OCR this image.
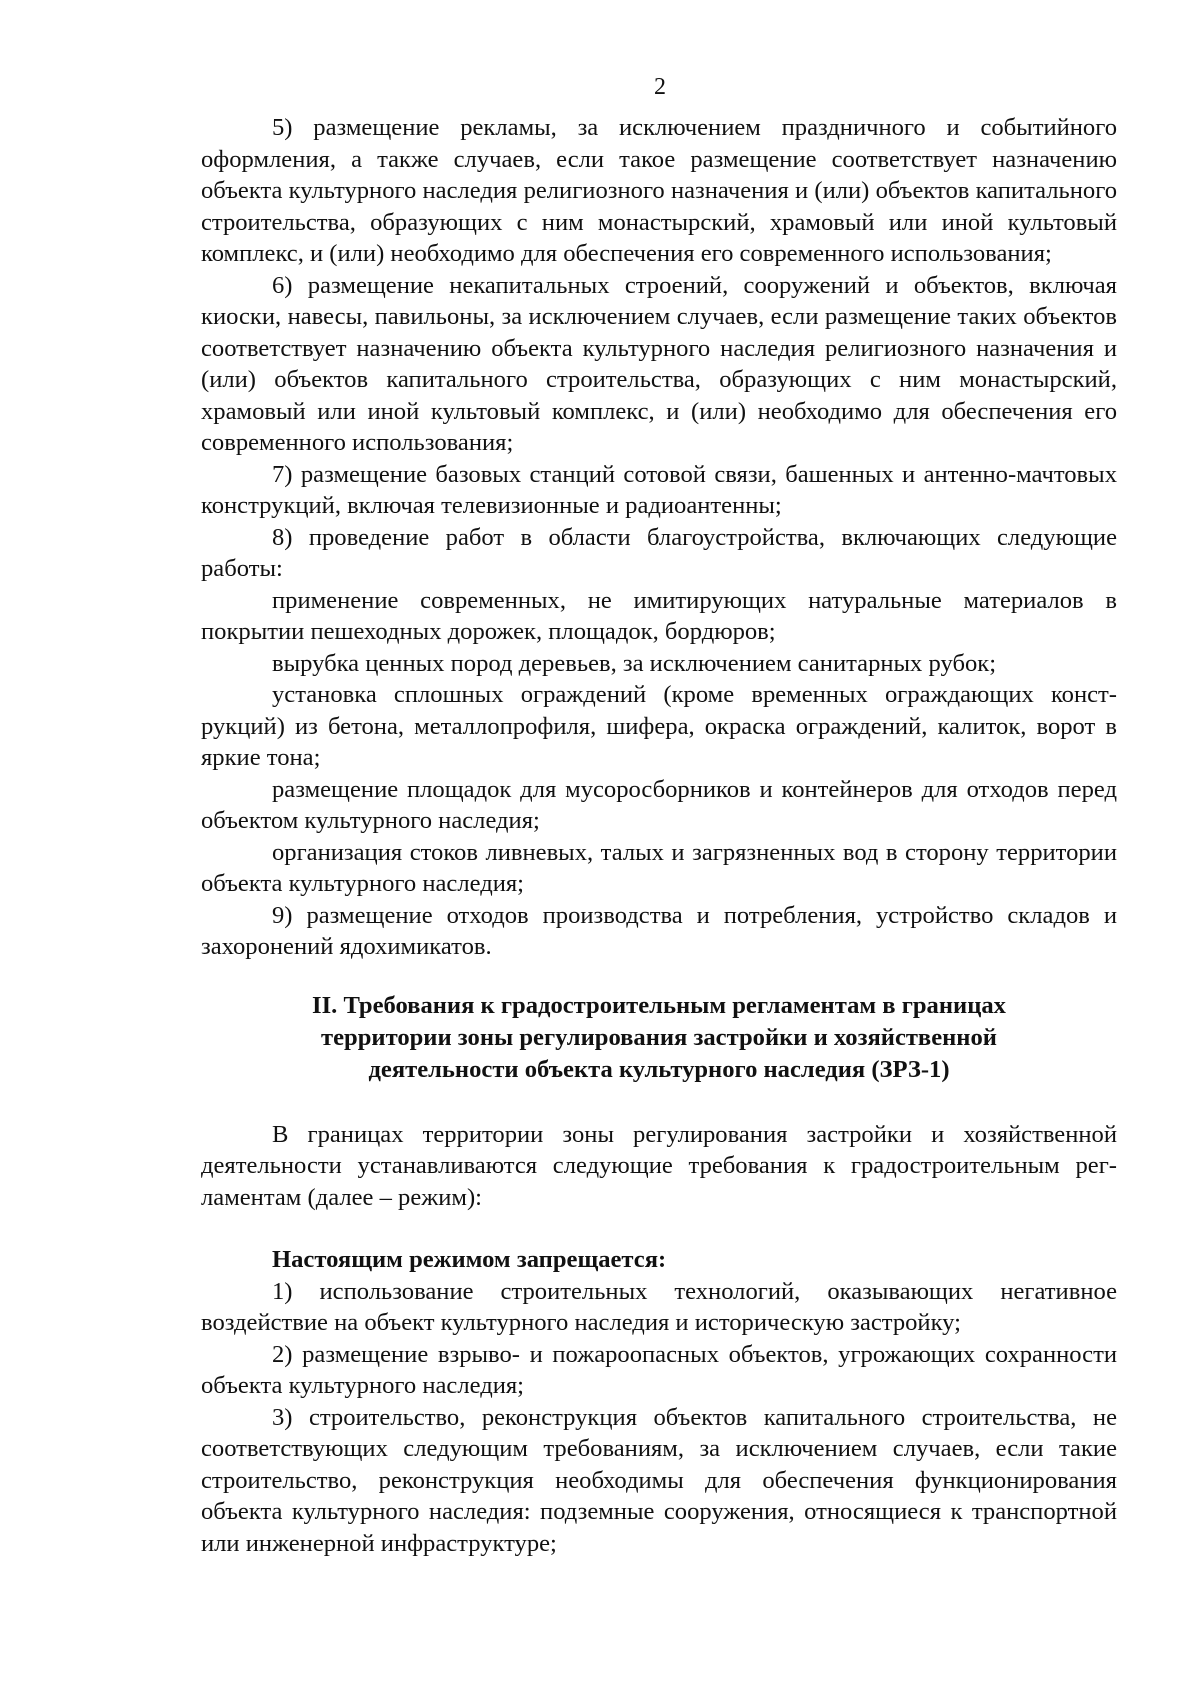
2

5) размещение рекламы, за исключением праздничного и событийного оформления, а также случаев, если такое размещение соответствует назначению объекта культурного наследия религиозного назначения и (или) объектов капитального строительства, образующих с ним монастырский, храмовый или иной культовый комплекс, и (или) необходимо для обеспечения его современного использования;

6) размещение некапитальных строений, сооружений и объектов, включая киоски, навесы, павильоны, за исключением случаев, если размещение таких объектов соответствует назначению объекта культурного наследия религиозного назначения и (или) объектов капитального строительства, образующих с ним монастырский, храмовый или иной культовый комплекс, и (или) необходимо для обеспечения его современного использования;

7) размещение базовых станций сотовой связи, башенных и антенно-мачтовых конструкций, включая телевизионные и радиоантенны;

8) проведение работ в области благоустройства, включающих следующие работы:

применение современных, не имитирующих натуральные материалов в покрытии пешеходных дорожек, площадок, бордюров;

вырубка ценных пород деревьев, за исключением санитарных рубок;

установка сплошных ограждений (кроме временных ограждающих конструкций) из бетона, металлопрофиля, шифера, окраска ограждений, калиток, ворот в яркие тона;

размещение площадок для мусоросборников и контейнеров для отходов перед объектом культурного наследия;

организация стоков ливневых, талых и загрязненных вод в сторону территории объекта культурного наследия;

9) размещение отходов производства и потребления, устройство складов и захоронений ядохимикатов.

II. Требования к градостроительным регламентам в границах
территории зоны регулирования застройки и хозяйственной
деятельности объекта культурного наследия (ЗРЗ-1)

В границах территории зоны регулирования застройки и хозяйственной деятельности устанавливаются следующие требования к градостроительным регламентам (далее – режим):

Настоящим режимом запрещается:

1) использование строительных технологий, оказывающих негативное воздействие на объект культурного наследия и историческую застройку;

2) размещение взрыво- и пожароопасных объектов, угрожающих сохранности объекта культурного наследия;

3) строительство, реконструкция объектов капитального строительства, не соответствующих следующим требованиям, за исключением случаев, если такие строительство, реконструкция необходимы для обеспечения функционирования объекта культурного наследия: подземные сооружения, относящиеся к транспортной или инженерной инфраструктуре;
